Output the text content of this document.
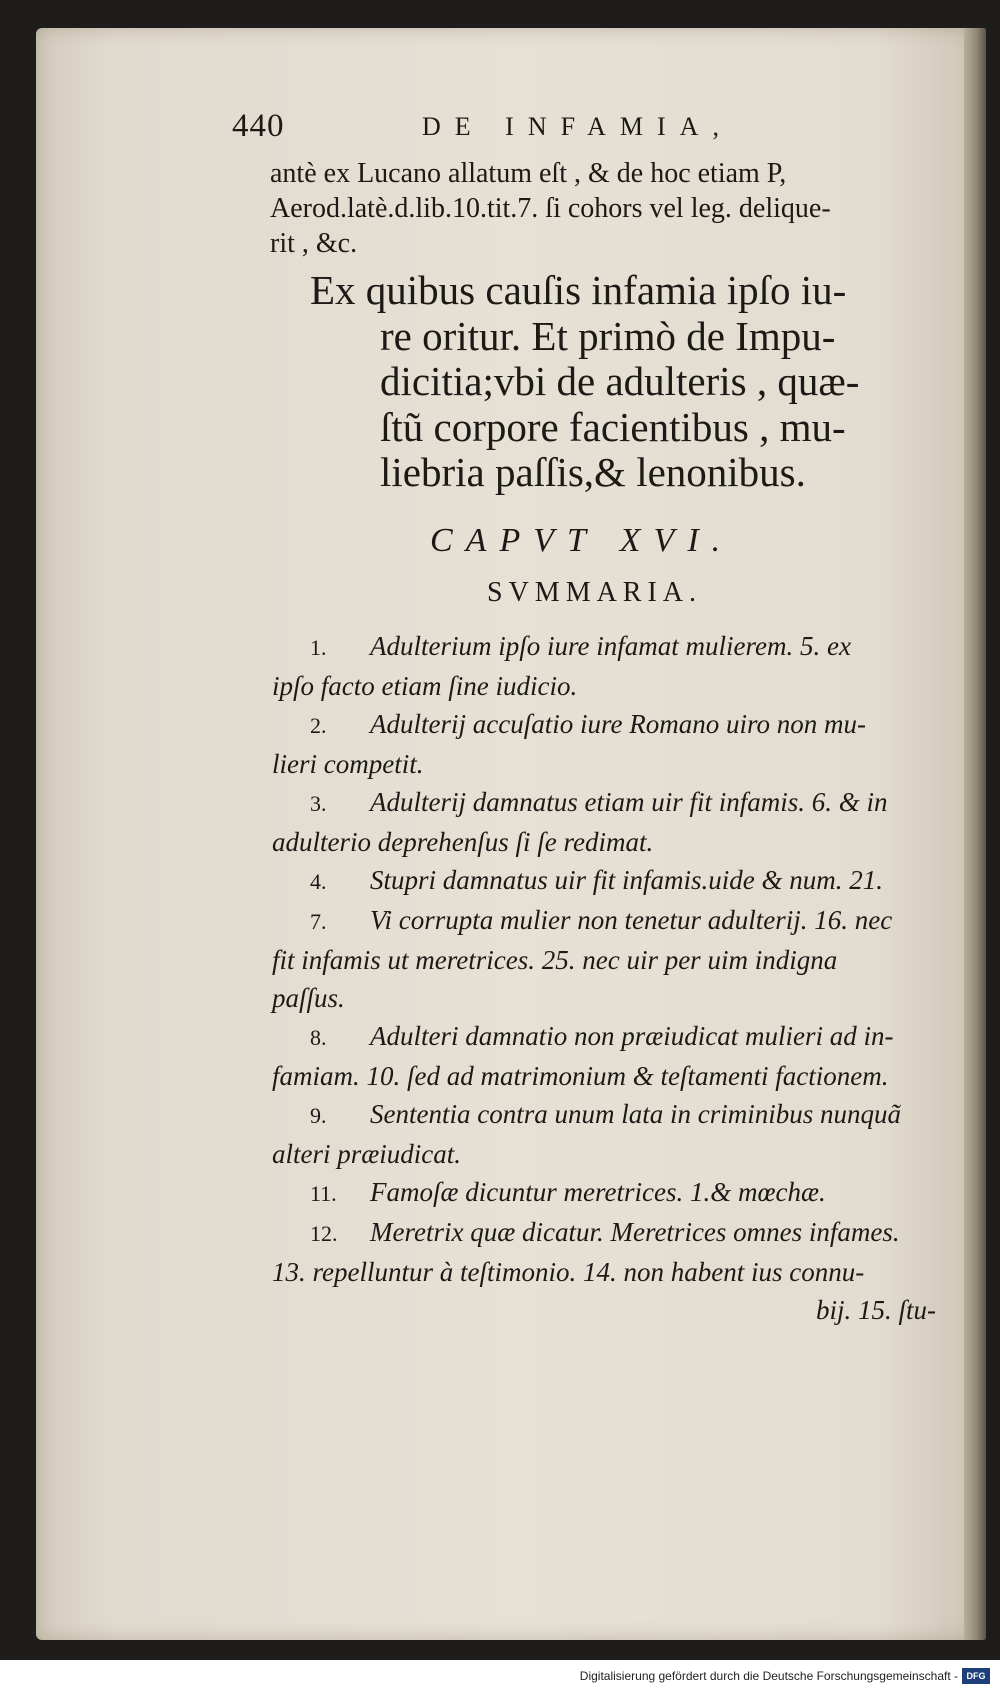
440	DE INFAMIA,
antè ex Lucano allatum eſt , & de hoc etiam P,
Aerod.latè.d.lib.10.tit.7. ſi cohors vel leg. delique-
rit , &c.
Ex quibus cauſis infamia ipſo iu-
re oritur. Et primò de Impu-
dicitia;vbi de adulteris , quæ-
ſtũ corpore facientibus , mu-
liebria paſſis,& lenonibus.
CAPVT XVI.
SVMMARIA.
1. Adulterium ipſo iure infamat mulierem. 5. ex
ipſo facto etiam ſine iudicio.
2. Adulterij accuſatio iure Romano uiro non mu-
lieri competit.
3. Adulterij damnatus etiam uir fit infamis. 6. & in
adulterio deprehenſus ſi ſe redimat.
4. Stupri damnatus uir fit infamis.uide & num. 21.
7. Vi corrupta mulier non tenetur adulterij. 16. nec
fit infamis ut meretrices. 25. nec uir per uim indigna
paſſus.
8. Adulteri damnatio non præiudicat mulieri ad in-
famiam. 10. ſed ad matrimonium & teſtamenti factionem.
9. Sententia contra unum lata in criminibus nunquã
alteri præiudicat.
11. Famoſæ dicuntur meretrices. 1.& mœchæ.
12. Meretrix quæ dicatur. Meretrices omnes infames.
13. repelluntur à teſtimonio. 14. non habent ius connu-
bij. 15. ſtu-
Digitalisierung gefördert durch die Deutsche Forschungsgemeinschaft - DFG
